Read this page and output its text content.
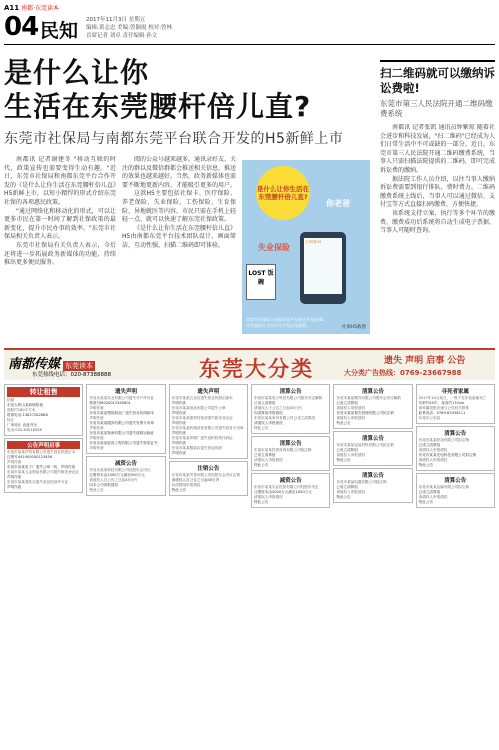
A11 南都·东莞读本
04 民知 2017年11月3日 星期五
编辑:黄志忠 美编:曾颖霞 校对:曾林
首席记者 刘卓 责任编辑 孙文
是什么让你
生活在东莞腰杆倍儿直?
东莞市社保局与南都东莞平台联合开发的H5新鲜上市

南都讯 记者谢建冬 "移动互联的时代，政策宣传也需要变得生动有趣。"近日，东莞市社保局和南都东莞平台合作开发的《是什么让你生活在东莞腰杆倍儿直》H5新鲜上市，以短小精悍的形式介绍东莞社保的各项惠民政策。

"通过网络化和移动化的形式，可以让更多市民在第一时间了解到社保政策的最新变化，提升市民办事的效率。"东莞市社保局相关负责人表示。

东莞市社保局有关负责人表示，今后还将进一步拓展政务新媒体的功能，持续推出更多便民服务。

阅的公众号越来越多，通讯录好友、关注的群以及微信群都会推送相关信息，推送的效果也越来越好。当然，政务新媒体也需要不断地更新内容，才能吸引更多的用户。

这款H5主要包括社保卡、医疗保险、养老保险、失业保险、工伤保险、生育保险、异地就医等内容，市民只需在手机上轻轻一点，就可以快速了解东莞社保政策。

《是什么让你生活在东莞腰杆倍儿直》H5由南都东莞平台技术团队设计，画面简洁，互动性强，扫描二维码即可体验。

是什么让你生活在东莞腰杆倍儿直?
你老爸
失业保险
扫码看H5
LOST 饭碗
东莞市社保局与南都东莞平台联合开发的H5，用有趣的方式为市民介绍社保政策。	社保H5截图
扫二维码就可以缴纳诉讼费啦!
东莞市第三人民法院开通二维码缴费系统

南都讯 记者张凯 通讯员钟紫琼 随着社会进步和科技发展，"扫二维码"已经成为人们日常生活中不可或缺的一部分。近日，东莞市第三人民法院开通二维码缴费系统，当事人只需扫描法院提供的二维码，即可完成诉讼费的缴纳。

据法院工作人员介绍，以往当事人缴纳诉讼费需要到银行排队，费时费力。二维码缴费系统上线后，当事人可以通过微信、支付宝等方式直接扫码缴费，方便快捷。

该系统支持立案、执行等多个环节的缴费，缴费成功后系统将自动生成电子票据，当事人可随时查询。

南都传媒 东莞读本
东莞热线电话：020-87388888	东莞大分类	遗失 声明 启事 公告
大分类广告热线：0769-23667988
转让租售
招租
东莞大岭山某商铺招租
面积约180平方米
联系电话:13827282888
转让
厂房转让 设备齐全
电话:020-83018558
公告声明启事
东莞市某某贸易有限公司遗失营业执照正本
注册号441900000123456
声明作废
东莞市某某电子厂遗失公章一枚，声明作废
东莞市某某五金制品有限公司遗失税务登记证
声明作废
东莞市某某餐饮店遗失食品经营许可证
声明作废
遗失声明
东莞市某某实业有限公司遗失开户许可证
核准号J6020012345601
声明作废
东莞市某某塑胶制品厂遗失营业执照副本
声明作废
东莞市某某服饰有限公司遗失发票专用章
声明作废
东莞市某某物流有限公司遗失道路运输证
声明作废
东莞市某某装饰工程有限公司遗失资质证书
声明作废
减资公告
东莞市某某科技有限公司经股东会决议
注册资本由1000万元减至500万元
请债权人自公告之日起45日内
向本公司申报债权
特此公告
遗失声明
东莞市某某五金店遗失营业执照正副本
声明作废
东莞市某某纸品有限公司遗失公章
声明作废
东莞市某某建材经营部遗失税务登记证
声明作废
东莞市某某机械设备有限公司遗失财务专用章
声明作废
东莞市某某印刷厂遗失组织机构代码证
声明作废
东莞市某某服装店遗失营业执照
声明作废
注销公告
东莞市某某贸易有限公司经股东会决议注销
请债权人自公告之日起45日内
向清算组申报债权
特此公告
清算公告
东莞市某某电子科技有限公司股东决定解散
已成立清算组
请债权人于公告之日起45日内
向清算组申报债权
东莞市某某家具有限公司已成立清算组
请债权人申报债权
特此公告
清算公告
东莞市某某投资咨询有限公司拟注销
已成立清算组
请债权人申报债权
特此公告
减资公告
东莞市某某实业投资有限公司经股东决定
注册资本由2000万元减至1000万元
请债权人申报债权
特此公告
清算公告
东莞市某某模具有限公司股东会决议解散
已成立清算组
请债权人申报债权
东莞市某某餐饮管理有限公司拟注销
请债权人申报债权
特此公告
清算公告
东莞市某某包装材料有限公司拟注销
已成立清算组
请债权人申报债权
特此公告
清算公告
东莞市某某电器有限公司拟注销
已成立清算组
请债权人申报债权
特此公告
寻死者家属
2017年10月某日，一男子在东莞某地死亡
年龄约40岁，身高约170cm
请家属见报后速与公安机关联系
联系电话：0769-83338111
东莞市公安局
清算公告
东莞市某某织造有限公司拟注销
已成立清算组
请债权人申报债权
东莞市某某光电科技有限公司拟注销
请债权人申报债权
特此公告
清算公告
东莞市某某运输有限公司拟注销
已成立清算组
请债权人申报债权
特此公告
